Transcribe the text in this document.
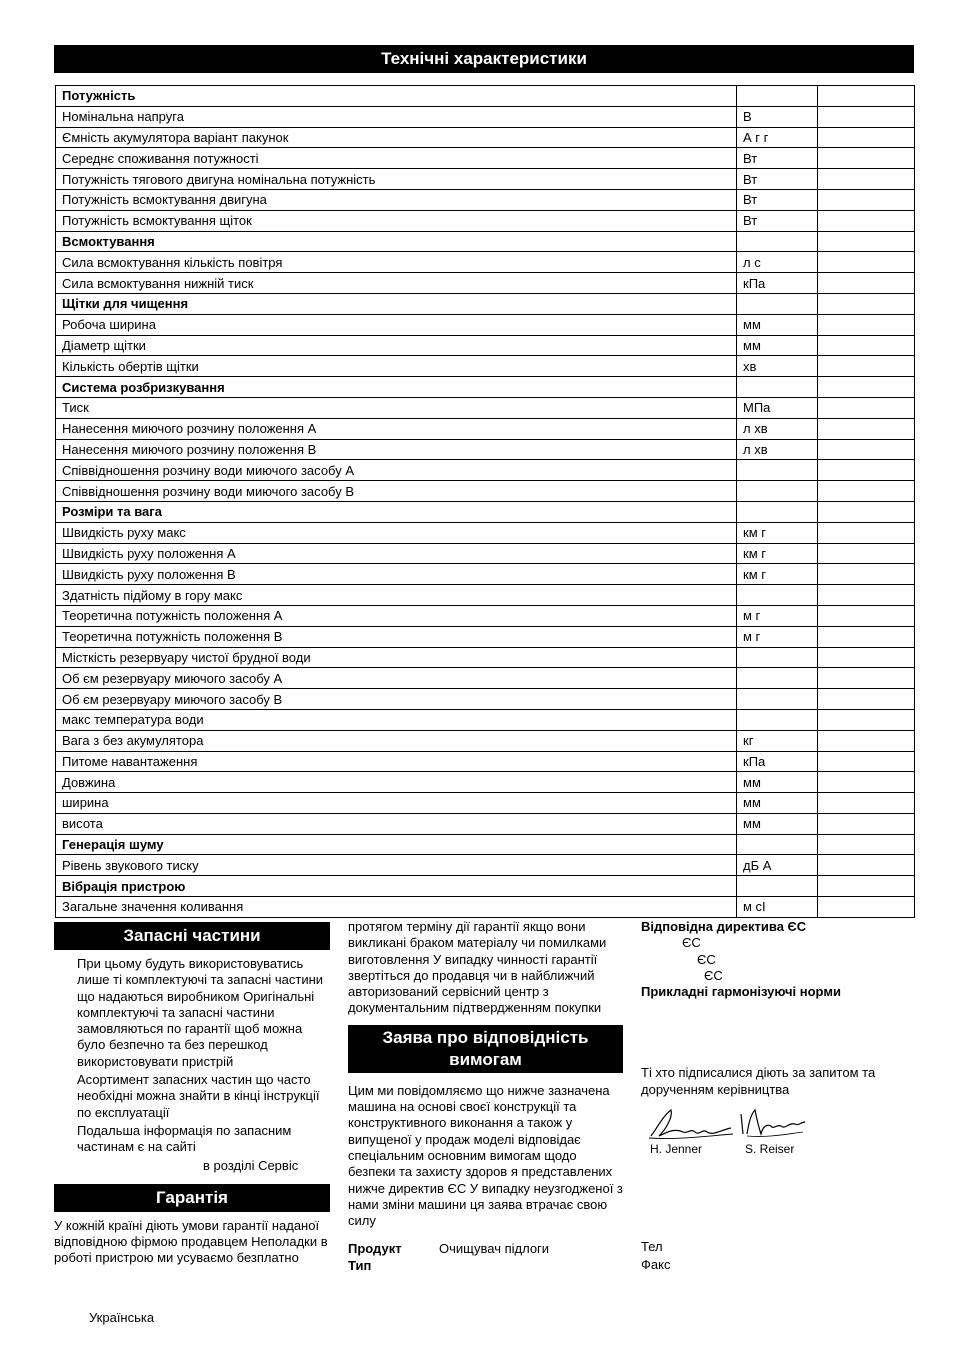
Технічні характеристики
Потужність		
Номінальна напруга	В	
Ємність акумулятора варіант пакунок	А г г	
Середнє споживання потужності	Вт	
Потужність тягового двигуна номінальна потужність	Вт	
Потужність всмоктування двигуна	Вт	
Потужність всмоктування щіток	Вт	
Всмоктування		
Сила всмоктування кількість повітря	л с	
Сила всмоктування нижній тиск	кПа	
Щітки для чищення		
Робоча ширина	мм	
Діаметр щітки	мм	
Кількість обертів щітки	хв	
Система розбризкування		
Тиск	МПа	
Нанесення миючого розчину положення А	л хв	
Нанесення миючого розчину положення В	л хв	
Співвідношення розчину води миючого засобу А		
Співвідношення розчину води миючого засобу В		
Розміри та вага		
Швидкість руху макс	км г	
Швидкість руху положення А	км г	
Швидкість руху положення В	км г	
Здатність підйому в гору макс		
Теоретична потужність положення А	м г	
Теоретична потужність положення В	м г	
Місткість резервуару чистої брудної води		
Об єм резервуару миючого засобу А		
Об єм резервуару миючого засобу В		
макс температура води		
Вага з без акумулятора	кг	
Питоме навантаження	кПа	
Довжина	мм	
ширина	мм	
висота	мм	
Генерація шуму		
Рівень звукового тиску	дБ А	
Вібрація пристрою		
Загальне значення коливання	м сІ	
Запасні частини

При цьому будуть використовуватись лише ті комплектуючі та запасні частини що надаються виробником Оригінальні комплектуючі та запасні частини замовляються по гарантії щоб можна було безпечно та без перешкод використовувати пристрій

Асортимент запасних частин що часто необхідні можна знайти в кінці інструкції по експлуатації

Подальша інформація по запасним частинам є на сайті

в розділі Сервіс

Гарантія

У кожній країні діють умови гарантії наданої відповідною фірмою продавцем Неполадки в роботі пристрою ми усуваємо безплатно

протягом терміну дії гарантії якщо вони викликані браком матеріалу чи помилками виготовлення У випадку чинності гарантії звертіться до продавця чи в найближчий авторизований сервісний центр з документальним підтвердженням покупки

Заява про відповідність вимогам

Цим ми повідомляємо що нижче зазначена машина на основі своєї конструкції та конструктивного виконання а також у випущеної у продаж моделі відповідає спеціальним основним вимогам щодо безпеки та захисту здоров я представлених нижче директив ЄС У випадку неузгодженої з нами зміни машини ця заява втрачає свою силу

Продукт	Очищувач підлоги
Тип

Відповідна директива ЄС

ЄС

ЄС

ЄС

Прикладні гармонізуючі норми

Ті хто підписалися діють за запитом та дорученням керівництва

H. Jenner	S. Reiser

Тел

Факс

Українська
